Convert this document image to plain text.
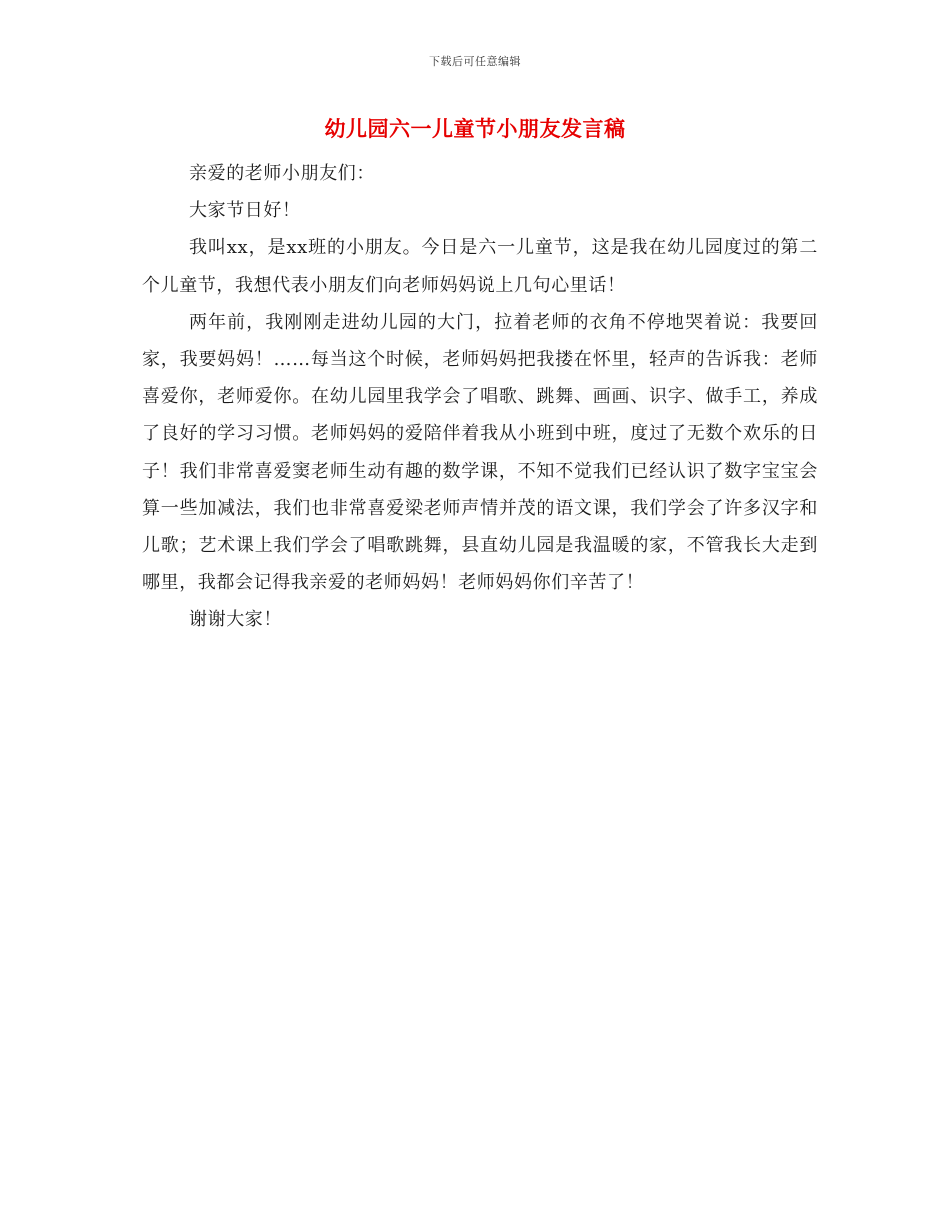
下载后可任意编辑
幼儿园六一儿童节小朋友发言稿

亲爱的老师小朋友们：

大家节日好！

我叫xx，是xx班的小朋友。今日是六一儿童节，这是我在幼儿园度过的第二个儿童节，我想代表小朋友们向老师妈妈说上几句心里话！

两年前，我刚刚走进幼儿园的大门，拉着老师的衣角不停地哭着说：我要回家，我要妈妈！……每当这个时候，老师妈妈把我搂在怀里，轻声的告诉我：老师喜爱你，老师爱你。在幼儿园里我学会了唱歌、跳舞、画画、识字、做手工，养成了良好的学习习惯。老师妈妈的爱陪伴着我从小班到中班，度过了无数个欢乐的日子！我们非常喜爱窦老师生动有趣的数学课，不知不觉我们已经认识了数字宝宝会算一些加减法，我们也非常喜爱梁老师声情并茂的语文课，我们学会了许多汉字和儿歌；艺术课上我们学会了唱歌跳舞，县直幼儿园是我温暖的家，不管我长大走到哪里，我都会记得我亲爱的老师妈妈！老师妈妈你们辛苦了！

谢谢大家！
